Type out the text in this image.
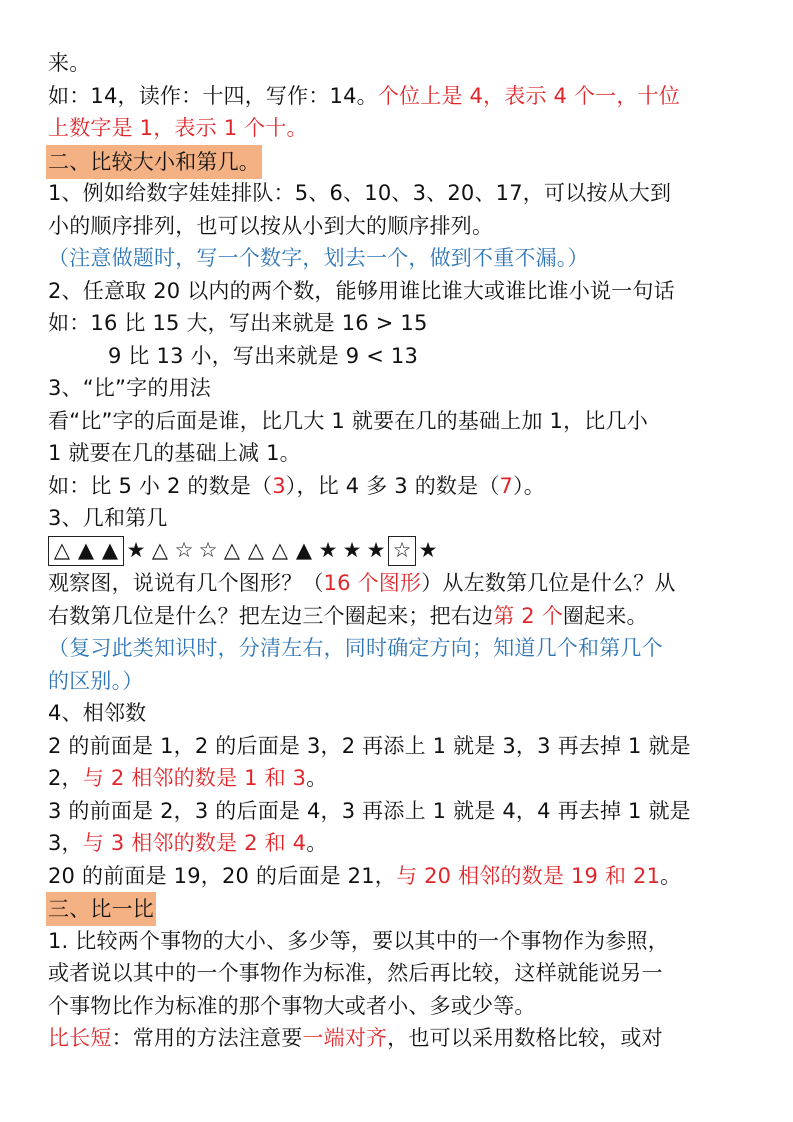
来。
如：14，读作：十四，写作：14。个位上是 4，表示 4 个一，十位
上数字是 1，表示 1 个十。
二、比较大小和第几。
1、例如给数字娃娃排队：5、6、10、3、20、17，可以按从大到
小的顺序排列，也可以按从小到大的顺序排列。
（注意做题时，写一个数字，划去一个，做到不重不漏。）
2、任意取 20 以内的两个数，能够用谁比谁大或谁比谁小说一句话
如：16 比 15 大，写出来就是 16 > 15
9 比 13 小，写出来就是 9 < 13
3、“比”字的用法
看“比”字的后面是谁，比几大 1 就要在几的基础上加 1，比几小
1 就要在几的基础上减 1。
如：比 5 小 2 的数是（3），比 4 多 3 的数是（7）。
3、几和第几
△ ▲ ▲ ★ △ ☆ ☆ △ △ △ ▲ ★ ★ ★ ☆ ★
观察图，说说有几个图形？（16 个图形）从左数第几位是什么？从
右数第几位是什么？把左边三个圈起来；把右边第 2 个圈起来。
（复习此类知识时，分清左右，同时确定方向；知道几个和第几个
的区别。）
4、相邻数
2 的前面是 1，2 的后面是 3，2 再添上 1 就是 3，3 再去掉 1 就是
2，与 2 相邻的数是 1 和 3。
3 的前面是 2，3 的后面是 4，3 再添上 1 就是 4，4 再去掉 1 就是
3，与 3 相邻的数是 2 和 4。
20 的前面是 19，20 的后面是 21，与 20 相邻的数是 19 和 21。
三、比一比
1. 比较两个事物的大小、多少等，要以其中的一个事物作为参照，
或者说以其中的一个事物作为标准，然后再比较，这样就能说另一
个事物比作为标准的那个事物大或者小、多或少等。
比长短：常用的方法注意要一端对齐，也可以采用数格比较，或对
